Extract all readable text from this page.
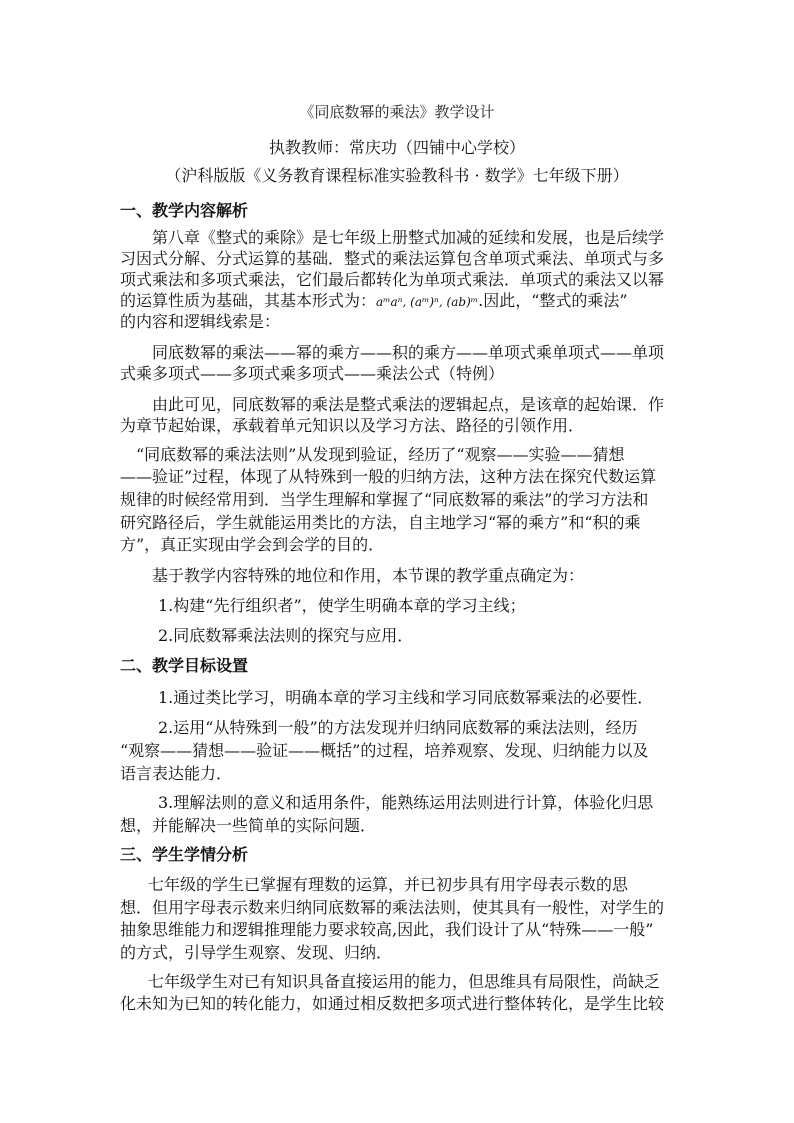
《同底数幂的乘法》教学设计
执教教师：常庆功（四铺中心学校）
（沪科版版《义务教育课程标准实验教科书 · 数学》七年级下册）
一、教学内容解析
第八章《整式的乘除》是七年级上册整式加减的延续和发展，也是后续学
习因式分解、分式运算的基础．整式的乘法运算包含单项式乘法、单项式与多
项式乘法和多项式乘法，它们最后都转化为单项式乘法．单项式的乘法又以幂
的运算性质为基础，其基本形式为：aᵐaⁿ, (aᵐ)ⁿ, (ab)ᵐ.因此，“整式的乘法”
的内容和逻辑线索是：
同底数幂的乘法——幂的乘方——积的乘方——单项式乘单项式——单项
式乘多项式——多项式乘多项式——乘法公式（特例）
由此可见，同底数幂的乘法是整式乘法的逻辑起点，是该章的起始课．作
为章节起始课，承载着单元知识以及学习方法、路径的引领作用．
“同底数幂的乘法法则”从发现到验证，经历了“观察——实验——猜想
——验证”过程，体现了从特殊到一般的归纳方法，这种方法在探究代数运算
规律的时候经常用到．当学生理解和掌握了“同底数幂的乘法”的学习方法和
研究路径后，学生就能运用类比的方法，自主地学习“幂的乘方”和“积的乘
方”，真正实现由学会到会学的目的．
基于教学内容特殊的地位和作用，本节课的教学重点确定为：
1.构建“先行组织者”，使学生明确本章的学习主线；
2.同底数幂乘法法则的探究与应用．
二、教学目标设置
1.通过类比学习，明确本章的学习主线和学习同底数幂乘法的必要性．
2.运用“从特殊到一般”的方法发现并归纳同底数幂的乘法法则，经历
“观察——猜想——验证——概括”的过程，培养观察、发现、归纳能力以及
语言表达能力．
3.理解法则的意义和适用条件，能熟练运用法则进行计算，体验化归思
想，并能解决一些简单的实际问题．
三、学生学情分析
七年级的学生已掌握有理数的运算，并已初步具有用字母表示数的思
想．但用字母表示数来归纳同底数幂的乘法法则，使其具有一般性，对学生的
抽象思维能力和逻辑推理能力要求较高,因此，我们设计了从“特殊——一般”
的方式，引导学生观察、发现、归纳．
七年级学生对已有知识具备直接运用的能力，但思维具有局限性，尚缺乏
化未知为已知的转化能力，如通过相反数把多项式进行整体转化，是学生比较
